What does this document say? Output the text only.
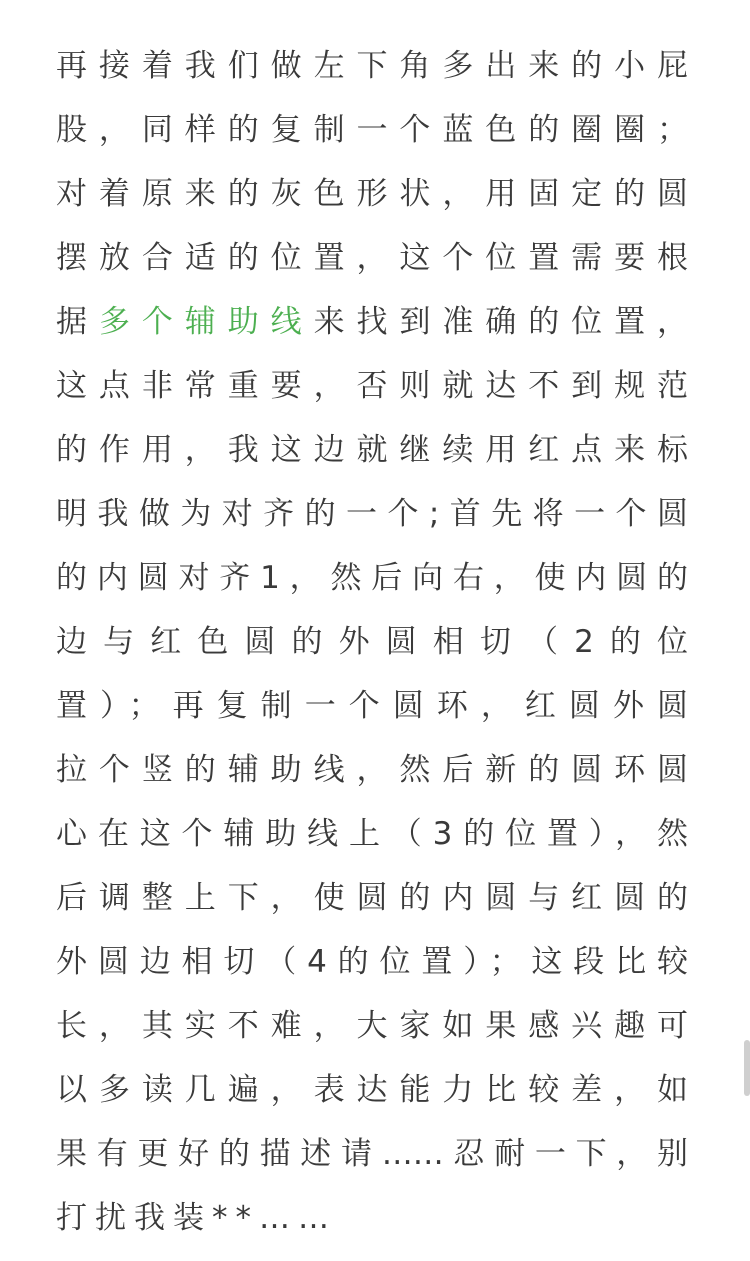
再接着我们做左下角多出来的小屁
股，同样的复制一个蓝色的圈圈；
对着原来的灰色形状，用固定的圆
摆放合适的位置，这个位置需要根
据多个辅助线来找到准确的位置，
这点非常重要，否则就达不到规范
的作用，我这边就继续用红点来标
明我做为对齐的一个;首先将一个圆
的内圆对齐1，然后向右，使内圆的
边与红色圆的外圆相切（2的位
置）；再复制一个圆环，红圆外圆
拉个竖的辅助线，然后新的圆环圆
心在这个辅助线上（3的位置），然
后调整上下，使圆的内圆与红圆的
外圆边相切（4的位置）；这段比较
长，其实不难，大家如果感兴趣可
以多读几遍，表达能力比较差，如
果有更好的描述请……忍耐一下，别
打扰我装**……
